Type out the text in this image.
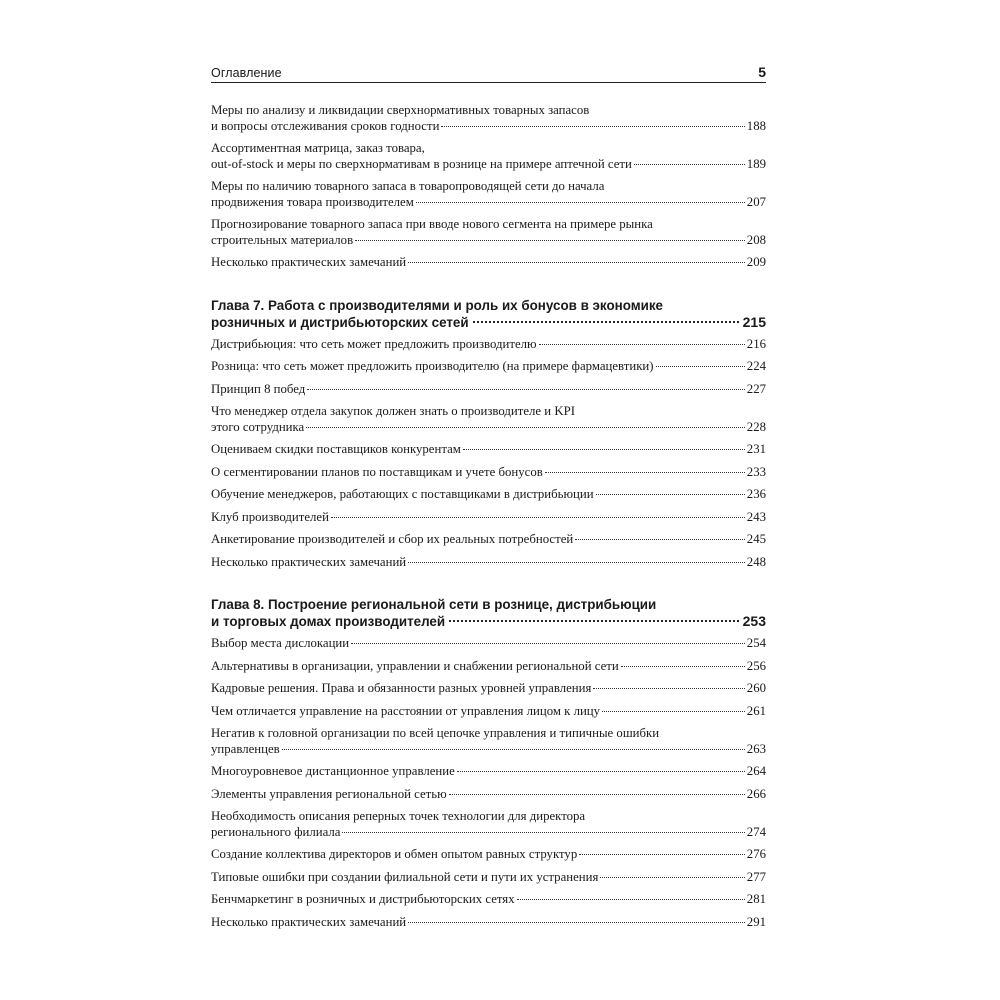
Оглавление	5
Меры по анализу и ликвидации сверхнормативных товарных запасов
и вопросы отслеживания сроков годности	188
Ассортиментная матрица, заказ товара,
out-of-stock и меры по сверхнормативам в рознице на примере аптечной сети	189
Меры по наличию товарного запаса в товаропроводящей сети до начала
продвижения товара производителем	207
Прогнозирование товарного запаса при вводе нового сегмента на примере рынка
строительных материалов	208
Несколько практических замечаний	209
Глава 7. Работа с производителями и роль их бонусов в экономике
розничных и дистрибьюторских сетей	215
Дистрибьюция: что сеть может предложить производителю	216
Розница: что сеть может предложить производителю (на примере фармацевтики)	224
Принцип 8 побед	227
Что менеджер отдела закупок должен знать о производителе и KPI
этого сотрудника	228
Оцениваем скидки поставщиков конкурентам	231
О сегментировании планов по поставщикам и учете бонусов	233
Обучение менеджеров, работающих с поставщиками в дистрибьюции	236
Клуб производителей	243
Анкетирование производителей и сбор их реальных потребностей	245
Несколько практических замечаний	248
Глава 8. Построение региональной сети в рознице, дистрибьюции
и торговых домах производителей	253
Выбор места дислокации	254
Альтернативы в организации, управлении и снабжении региональной сети	256
Кадровые решения. Права и обязанности разных уровней управления	260
Чем отличается управление на расстоянии от управления лицом к лицу	261
Негатив к головной организации по всей цепочке управления и типичные ошибки
управленцев	263
Многоуровневое дистанционное управление	264
Элементы управления региональной сетью	266
Необходимость описания реперных точек технологии для директора
регионального филиала	274
Создание коллектива директоров и обмен опытом равных структур	276
Типовые ошибки при создании филиальной сети и пути их устранения	277
Бенчмаркетинг в розничных и дистрибьюторских сетях	281
Несколько практических замечаний	291
